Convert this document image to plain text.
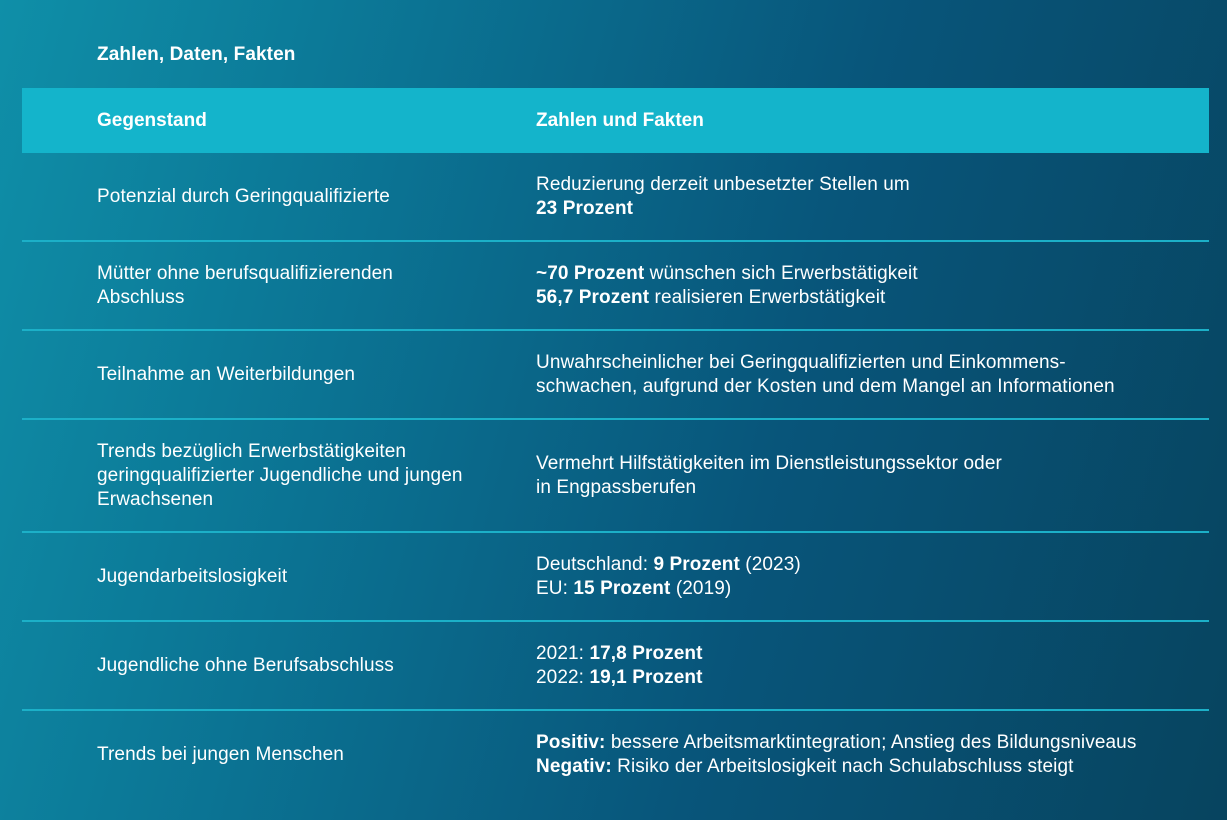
Zahlen, Daten, Fakten
Gegenstand	Zahlen und Fakten
Potenzial durch Geringqualifizierte
Reduzierung derzeit unbesetzter Stellen um
23 Prozent
Mütter ohne berufsqualifizierenden
Abschluss
~70 Prozent wünschen sich Erwerbstätigkeit
56,7 Prozent realisieren Erwerbstätigkeit
Teilnahme an Weiterbildungen
Unwahrscheinlicher bei Geringqualifizierten und Einkommens-
schwachen, aufgrund der Kosten und dem Mangel an Informationen
Trends bezüglich Erwerbstätigkeiten
geringqualifizierter Jugendliche und jungen
Erwachsenen
Vermehrt Hilfstätigkeiten im Dienstleistungssektor oder
in Engpassberufen
Jugendarbeitslosigkeit
Deutschland: 9 Prozent (2023)
EU: 15 Prozent (2019)
Jugendliche ohne Berufsabschluss
2021: 17,8 Prozent
2022: 19,1 Prozent
Trends bei jungen Menschen
Positiv: bessere Arbeitsmarktintegration; Anstieg des Bildungsniveaus
Negativ: Risiko der Arbeitslosigkeit nach Schulabschluss steigt
